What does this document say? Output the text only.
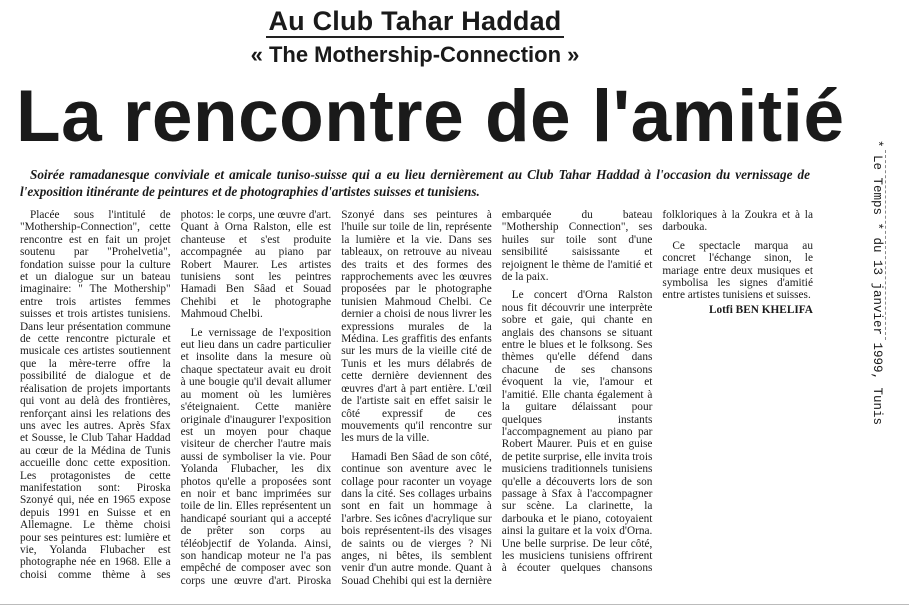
Au Club Tahar Haddad
« The Mothership-Connection »
La rencontre de l'amitié

Soirée ramadanesque conviviale et amicale tuniso-suisse qui a eu lieu dernièrement au Club Tahar Haddad à l'occasion du vernissage de l'exposition itinérante de peintures et de photographies d'artistes suisses et tunisiens.

Placée sous l'intitulé de "Mothership-Connection", cette rencontre est en fait un projet soutenu par "Prohelvetia", fondation suisse pour la culture et un dialogue sur un bateau imaginaire: " The Mothership" entre trois artistes femmes suisses et trois artistes tunisiens. Dans leur présentation commune de cette rencontre picturale et musicale ces artistes soutiennent que la mère-terre offre la possibilité de dialogue et de réalisation de projets importants qui vont au delà des frontières, renforçant ainsi les relations des uns avec les autres. Après Sfax et Sousse, le Club Tahar Haddad au cœur de la Médina de Tunis accueille donc cette exposition. Les protagonistes de cette manifestation sont: Piroska Szonyé qui, née en 1965 expose depuis 1991 en Suisse et en Allemagne. Le thème choisi pour ses peintures est: lumière et vie, Yolanda Flubacher est photographe née en 1968. Elle a choisi comme thème à ses photos: le corps, une œuvre d'art. Quant à Orna Ralston, elle est chanteuse et s'est produite accompagnée au piano par Robert Maurer. Les artistes tunisiens sont les peintres Hamadi Ben Sâad et Souad Chehibi et le photographe Mahmoud Chelbi.

Le vernissage de l'exposition eut lieu dans un cadre particulier et insolite dans la mesure où chaque spectateur avait eu droit à une bougie qu'il devait allumer au moment où les lumières s'éteignaient. Cette manière originale d'inaugurer l'exposition est un moyen pour chaque visiteur de chercher l'autre mais aussi de symboliser la vie. Pour Yolanda Flubacher, les dix photos qu'elle a proposées sont en noir et banc imprimées sur toile de lin. Elles représentent un handicapé souriant qui a accepté de prêter son corps au téléobjectif de Yolanda. Ainsi, son handicap moteur ne l'a pas empêché de composer avec son corps une œuvre d'art. Piroska Szonyé dans ses peintures à l'huile sur toile de lin, représente la lumière et la vie. Dans ses tableaux, on retrouve au niveau des traits et des formes des rapprochements avec les œuvres proposées par le photographe tunisien Mahmoud Chelbi. Ce dernier a choisi de nous livrer les expressions murales de la Médina. Les graffitis des enfants sur les murs de la vieille cité de Tunis et les murs délabrés de cette dernière deviennent des œuvres d'art à part entière. L'œil de l'artiste sait en effet saisir le côté expressif de ces mouvements qu'il rencontre sur les murs de la ville.

Hamadi Ben Sâad de son côté, continue son aventure avec le collage pour raconter un voyage dans la cité. Ses collages urbains sont en fait un hommage à l'arbre. Ses icônes d'acrylique sur bois représentent-ils des visages de saints ou de vierges ? Ni anges, ni bêtes, ils semblent venir d'un autre monde. Quant à Souad Chehibi qui est la dernière embarquée du bateau "Mothership Connection", ses huiles sur toile sont d'une sensibilité saisissante et rejoignent le thème de l'amitié et de la paix.

Le concert d'Orna Ralston nous fit découvrir une interprète sobre et gaie, qui chante en anglais des chansons se situant entre le blues et le folksong. Ses thèmes qu'elle défend dans chacune de ses chansons évoquent la vie, l'amour et l'amitié. Elle chanta également à la guitare délaissant pour quelques instants l'accompagnement au piano par Robert Maurer. Puis et en guise de petite surprise, elle invita trois musiciens traditionnels tunisiens qu'elle a découverts lors de son passage à Sfax à l'accompagner sur scène. La clarinette, la darbouka et le piano, cotoyaient ainsi la guitare et la voix d'Orna. Une belle surprise. De leur côté, les musiciens tunisiens offrirent à écouter quelques chansons folkloriques à la Zoukra et à la darbouka.

Ce spectacle marqua au concret l'échange sinon, le mariage entre deux musiques et symbolisa les signes d'amitié entre artistes tunisiens et suisses.

Lotfi BEN KHELIFA	* Le Temps * du 13 janvier 1999, Tunis
